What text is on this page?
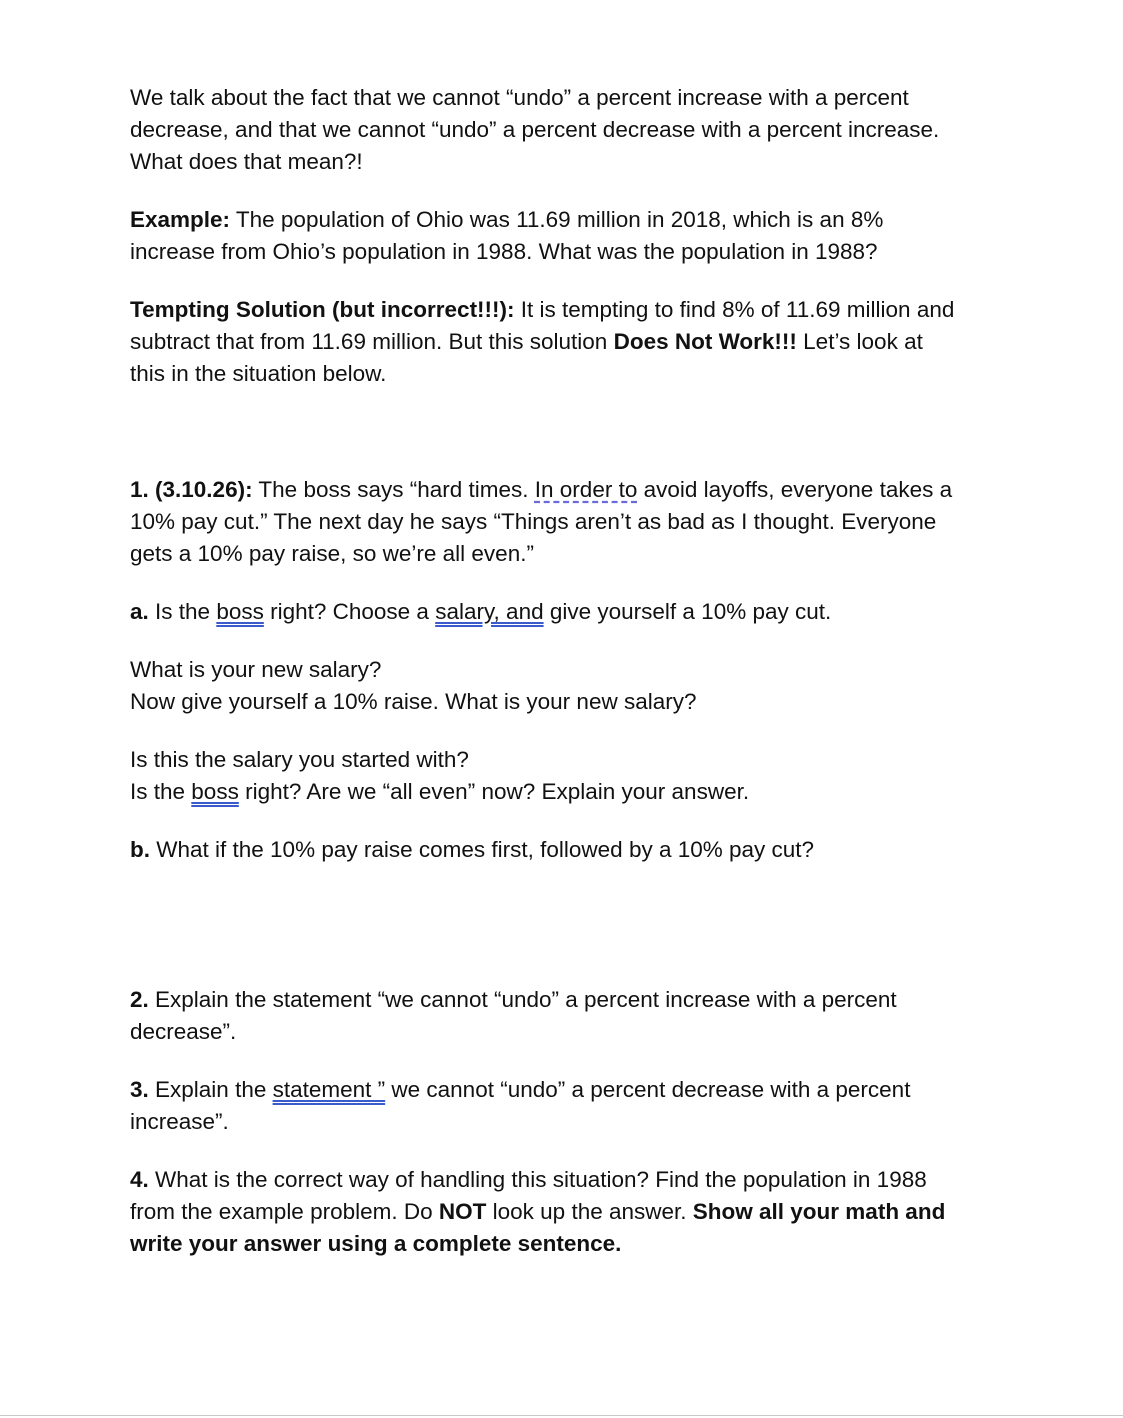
We talk about the fact that we cannot “undo” a percent increase with a percent
decrease, and that we cannot “undo” a percent decrease with a percent increase.
What does that mean?!

Example: The population of Ohio was 11.69 million in 2018, which is an 8%
increase from Ohio’s population in 1988. What was the population in 1988?

Tempting Solution (but incorrect!!!): It is tempting to find 8% of 11.69 million and
subtract that from 11.69 million. But this solution Does Not Work!!! Let’s look at
this in the situation below.

1. (3.10.26): The boss says “hard times. In order to avoid layoffs, everyone takes a
10% pay cut.” The next day he says “Things aren’t as bad as I thought. Everyone
gets a 10% pay raise, so we’re all even.”

a. Is the boss right? Choose a salary, and give yourself a 10% pay cut.

What is your new salary?
Now give yourself a 10% raise. What is your new salary?

Is this the salary you started with?
Is the boss right? Are we “all even” now? Explain your answer.

b. What if the 10% pay raise comes first, followed by a 10% pay cut?

2. Explain the statement “we cannot “undo” a percent increase with a percent
decrease”.

3. Explain the statement ” we cannot “undo” a percent decrease with a percent
increase”.

4. What is the correct way of handling this situation? Find the population in 1988
from the example problem. Do NOT look up the answer. Show all your math and
write your answer using a complete sentence.
